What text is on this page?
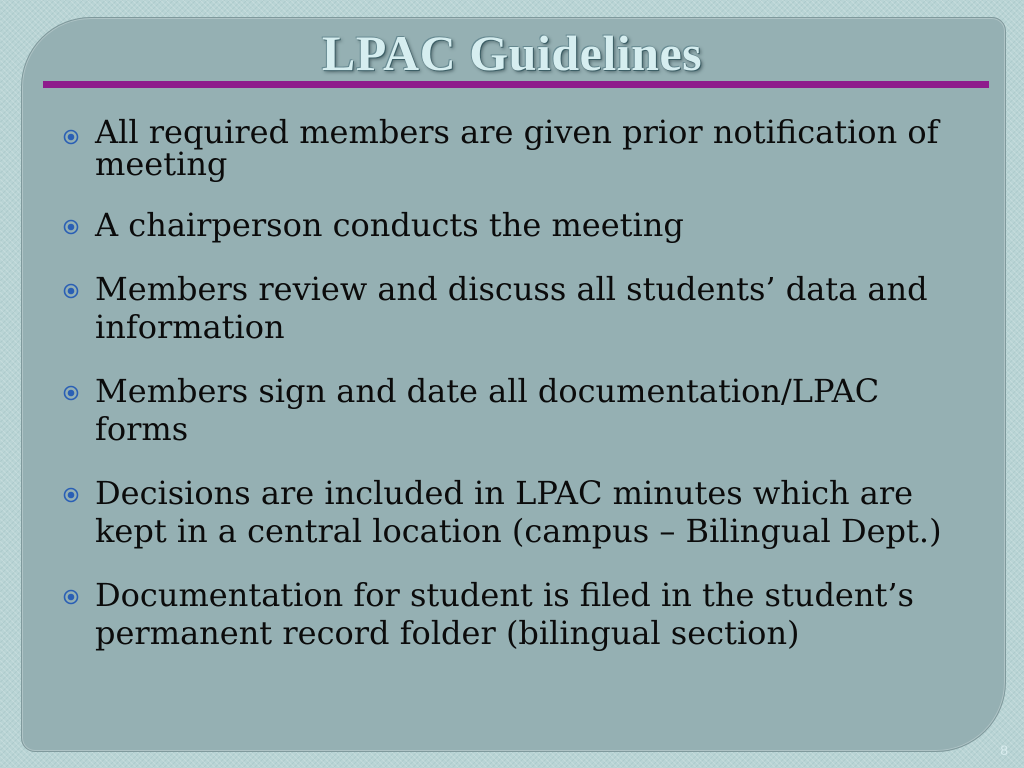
LPAC Guidelines
All required members are given prior notification of meeting
A chairperson conducts the meeting
Members review and discuss all students’ data and information
Members sign and date all documentation/LPAC forms
Decisions are included in LPAC minutes which are kept in a central location (campus – Bilingual Dept.)
Documentation for student is filed in the student’s permanent record folder (bilingual section)
8
